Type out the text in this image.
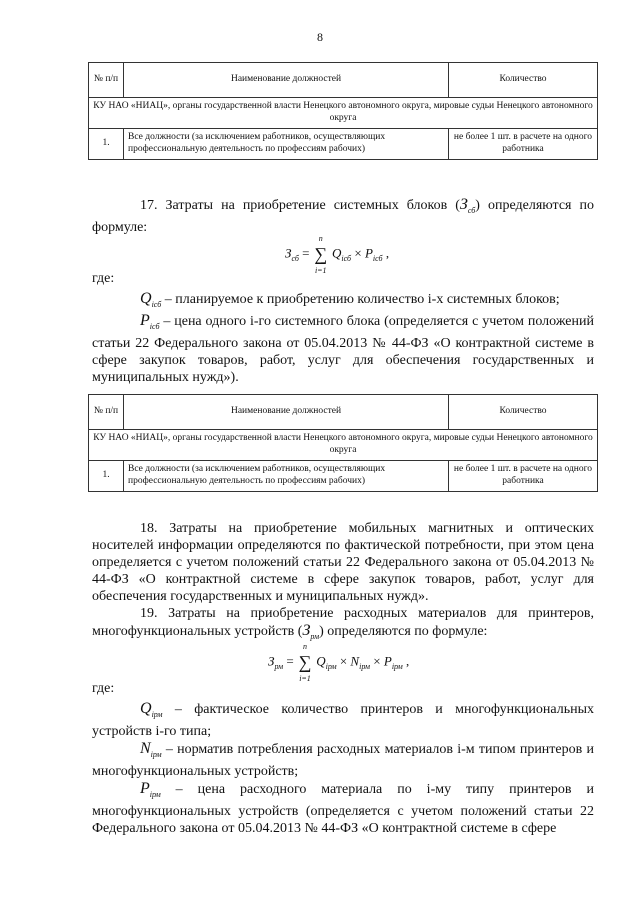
8
№ п/п	Наименование должностей	Количество
КУ НАО «НИАЦ», органы государственной власти Ненецкого автономного округа, мировые судьи Ненецкого автономного округа		
1.	Все должности (за исключением работников, осуществляющих профессиональную деятельность по профессиям рабочих)	не более 1 шт. в расчете на одного работника

17. Затраты на приобретение системных блоков $(З_{сб})$ определяются по формуле:

$З_{сб}$ = ∑
n
i=1
$Q_{iсб} \times P_{iсб}$ ,

где:

$Q_{iсб}$ – планируемое к приобретению количество i-х системных блоков;

$P_{iсб}$ – цена одного i-го системного блока (определяется с учетом положений статьи 22 Федерального закона от 05.04.2013 № 44-ФЗ «О контрактной системе в сфере закупок товаров, работ, услуг для обеспечения государственных и муниципальных нужд»).

№ п/п	Наименование должностей	Количество
КУ НАО «НИАЦ», органы государственной власти Ненецкого автономного округа, мировые судьи Ненецкого автономного округа		
1.	Все должности (за исключением работников, осуществляющих профессиональную деятельность по профессиям рабочих)	не более 1 шт. в расчете на одного работника

18. Затраты на приобретение мобильных магнитных и оптических носителей информации определяются по фактической потребности, при этом цена определяется с учетом положений статьи 22 Федерального закона от 05.04.2013 № 44-ФЗ «О контрактной системе в сфере закупок товаров, работ, услуг для обеспечения государственных и муниципальных нужд».

19. Затраты на приобретение расходных материалов для принтеров, многофункциональных устройств $(З_{рм})$ определяются по формуле:

$З_{рм}$ = ∑
n
i=1
$Q_{iрм} \times N_{iрм} \times P_{iрм}$ ,

где:

$Q_{iрм}$ – фактическое количество принтеров и многофункциональных устройств i-го типа;

$N_{iрм}$ – норматив потребления расходных материалов i-м типом принтеров и многофункциональных устройств;

$P_{iрм}$ – цена расходного материала по i-му типу принтеров и многофункциональных устройств (определяется с учетом положений статьи 22 Федерального закона от 05.04.2013 № 44-ФЗ «О контрактной системе в сфере
